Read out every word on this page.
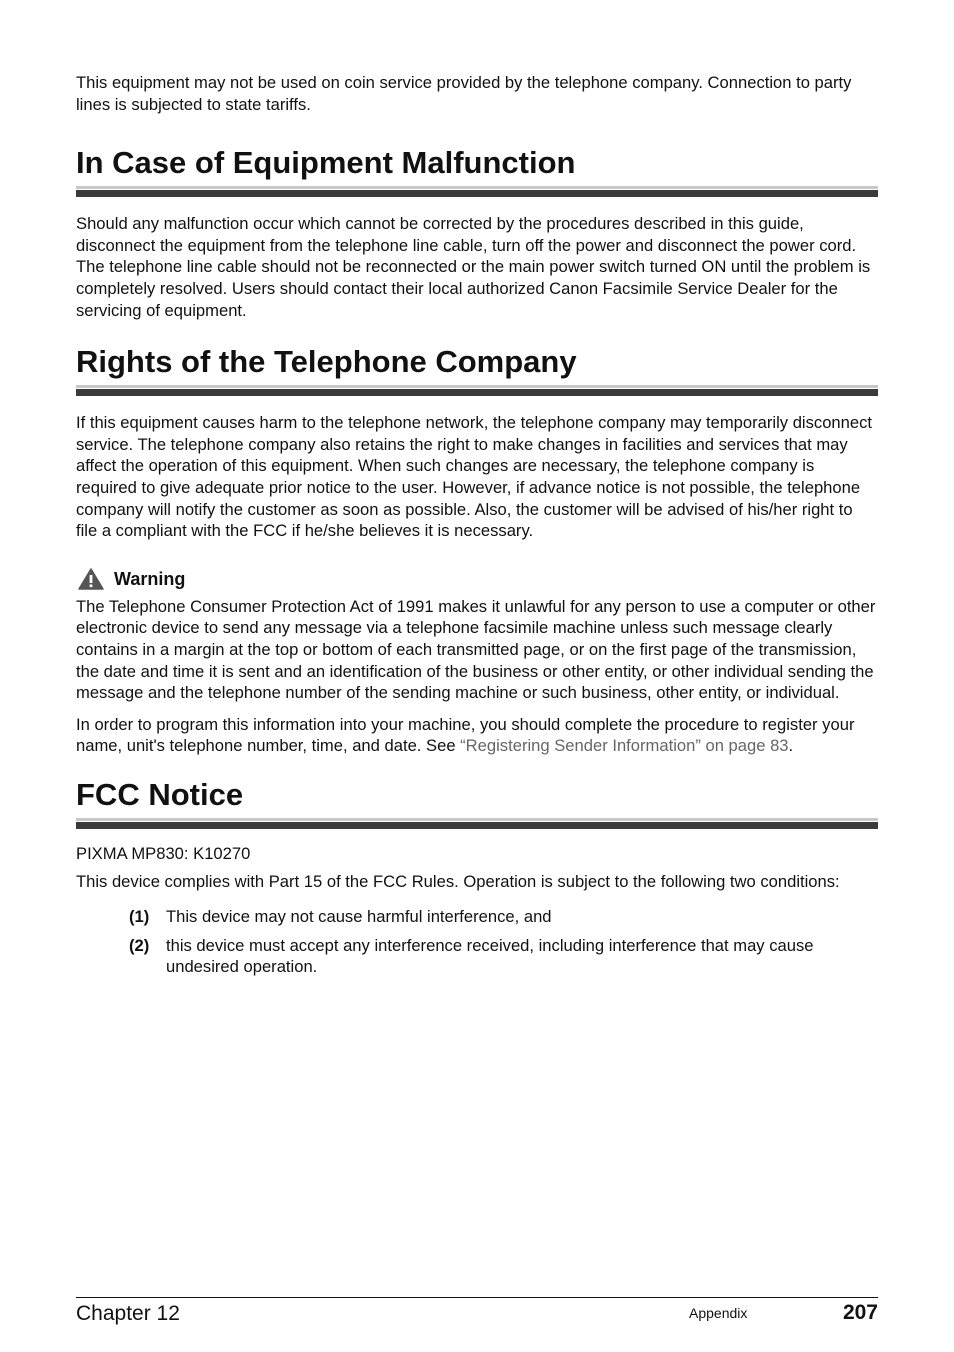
This equipment may not be used on coin service provided by the telephone company. Connection to party lines is subjected to state tariffs.

In Case of Equipment Malfunction

Should any malfunction occur which cannot be corrected by the procedures described in this guide, disconnect the equipment from the telephone line cable, turn off the power and disconnect the power cord. The telephone line cable should not be reconnected or the main power switch turned ON until the problem is completely resolved. Users should contact their local authorized Canon Facsimile Service Dealer for the servicing of equipment.

Rights of the Telephone Company

If this equipment causes harm to the telephone network, the telephone company may temporarily disconnect service. The telephone company also retains the right to make changes in facilities and services that may affect the operation of this equipment. When such changes are necessary, the telephone company is required to give adequate prior notice to the user. However, if advance notice is not possible, the telephone company will notify the customer as soon as possible. Also, the customer will be advised of his/her right to file a compliant with the FCC if he/she believes it is necessary.

Warning

The Telephone Consumer Protection Act of 1991 makes it unlawful for any person to use a computer or other electronic device to send any message via a telephone facsimile machine unless such message clearly contains in a margin at the top or bottom of each transmitted page, or on the first page of the transmission, the date and time it is sent and an identification of the business or other entity, or other individual sending the message and the telephone number of the sending machine or such business, other entity, or individual.

In order to program this information into your machine, you should complete the procedure to register your name, unit's telephone number, time, and date. See “Registering Sender Information” on page 83.

FCC Notice

PIXMA MP830: K10270

This device complies with Part 15 of the FCC Rules. Operation is subject to the following two conditions:

(1)	This device may not cause harmful interference, and
(2)	this device must accept any interference received, including interference that may cause undesired operation.
Chapter 12	Appendix	207
